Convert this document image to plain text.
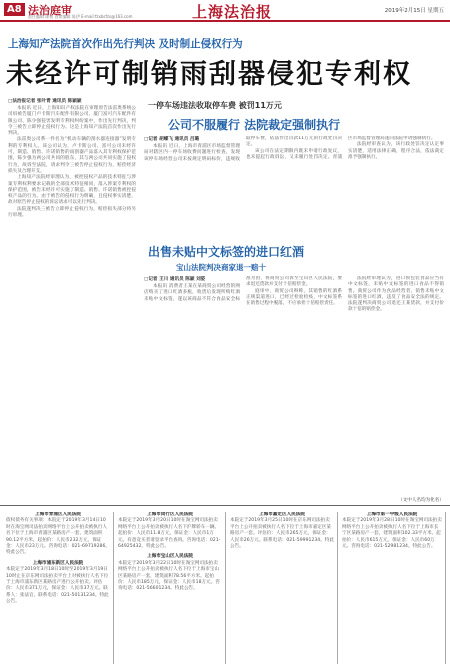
A8 法治庭审
责任编辑 陈柏 首席编辑 陈伊 E-mail:fzxbsfzs@163.com	上海法治报	2019年2月15日 星期五
上海知产法院首次作出先行判决 及时制止侵权行为
未经许可制销雨刮器侵犯专利权
□法治报记者 张叶青 通讯员 陈颖颖

本报讯 近日，上海知识产权法院在审理原告法雷奥系统公司诉被告厦门卢卡斯汽车配件有限公司、厦门富可汽车配件有限公司、陈少强侵害发明专利权纠纷案中，作出先行判决，判令三被告立即停止侵权行为。这是上海知产法院首次作出先行判决。

法雷奥公司系一件名为“机动车辆的刮水器连接器”发明专利的专利权人。该公司认为，卢卡斯公司、富可公司未经许可，制造、销售、许诺销售的雨刮器产品落入其专利权保护范围，陈少强为两公司共同的股东，其与两公司共同实施了侵权行为，故诉至法院，请求判令三被告停止侵权行为，赔偿经济损失及合理开支。

上海知产法院经审理认为，被控侵权产品的技术特征与涉案专利权利要求记载的全部技术特征相同，落入涉案专利权的保护范围，被告未经许可实施了制造、销售、许诺销售被控侵权产品的行为。由于被告的侵权行为明确，且侵权事实清楚，故对原告停止侵权的诉讼请求可以先行判决。

法院遂判决三被告立即停止侵权行为，赔偿损失部分将另行审理。

一停车场违法收取停车费 被罚11万元
公司不服履行 法院裁定强制执行
□记者 胡蝶飞 通讯员 吕璐

本报讯 近日，上海市青浦区市场监督管理局对辖区内一停车场收费问题进行检查，发现该停车场经营公司未按规定明码标价，违规收取停车费，依法作出罚款11万元的行政处罚决定。

该公司在法定期限内既未申请行政复议，也未提起行政诉讼，又未履行处罚决定。青浦区市场监督管理局遂向法院申请强制执行。

法院经审查认为，该行政处罚决定认定事实清楚，适用法律正确，程序合法，依法裁定准予强制执行。

出售未贴中文标签的进口红酒
宝山法院判决商家退一赔十
□记者 王川 通讯员 陈颖 刘姿

本报讯 消费者王某在某商贸公司经营的网店购买了进口红酒多瓶，收货后发现所购红酒未贴中文标签，遂以该商品不符合食品安全标准为由，将商贸公司诉至宝山区人民法院，要求退还货款并支付十倍赔偿金。

庭审中，商贸公司辩称，其销售的红酒系正规渠道进口，已经过检验检疫，中文标签系在销售过程中脱落，不应承担十倍赔偿责任。

法院经审理认为，进口预包装食品应当有中文标签，未贴中文标签的进口食品不得销售。商贸公司作为食品经营者，销售未贴中文标签的进口红酒，违反了食品安全法的规定。法院遂判决商贸公司退还王某货款，并支付价款十倍的赔偿金。

（文中人名均为化名）
上海市青浦区人民法院
债权债务有关事项：本院定于2019年3月14日10时在淘宝网司法拍卖网络平台上公开拍卖被执行人名下位于上海市青浦区某路房产一套，建筑面积90.12平方米。起拍价：人民币232万元，保证金：人民币23万元。咨询电话：021-69719286。特此公告。
上海市浦东新区人民法院
本院定于2019年3月18日10时至2019年3月19日10时止在京东网司法拍卖平台上对被执行人名下位于上海市浦东新区某路房产进行公开拍卖。评估价：人民币371万元，保证金：人民币37万元。联系人：张法官，联系电话：021-50131234。特此公告。
上海市闵行区人民法院
本院定于2019年3月20日10时在淘宝网司法拍卖网络平台上公开拍卖被执行人名下沪牌轿车一辆。起拍价：人民币11.8万元，保证金：人民币1万元。有意竞买者请登录平台查询。咨询电话：021-64925432。特此公告。
上海市宝山区人民法院
本院定于2019年3月22日10时在淘宝网司法拍卖网络平台上公开拍卖被执行人名下位于上海市宝山区某路房产一套，建筑面积78.56平方米。起拍价：人民币185万元，保证金：人民币18万元。咨询电话：021-56601234。特此公告。
上海市嘉定区人民法院
本院定于2019年3月25日10时在京东网司法拍卖平台上公开拍卖被执行人名下位于上海市嘉定区某路房产一套。评估价：人民币265万元，保证金：人民币26万元。联系电话：021-59991234。特此公告。
上海市第一中级人民法院
本院定于2019年3月28日10时在淘宝网司法拍卖网络平台上公开拍卖被执行人名下位于上海市长宁区某路房产一套，建筑面积102.33平方米。起拍价：人民币615万元，保证金：人民币60万元。咨询电话：021-52981234。特此公告。
